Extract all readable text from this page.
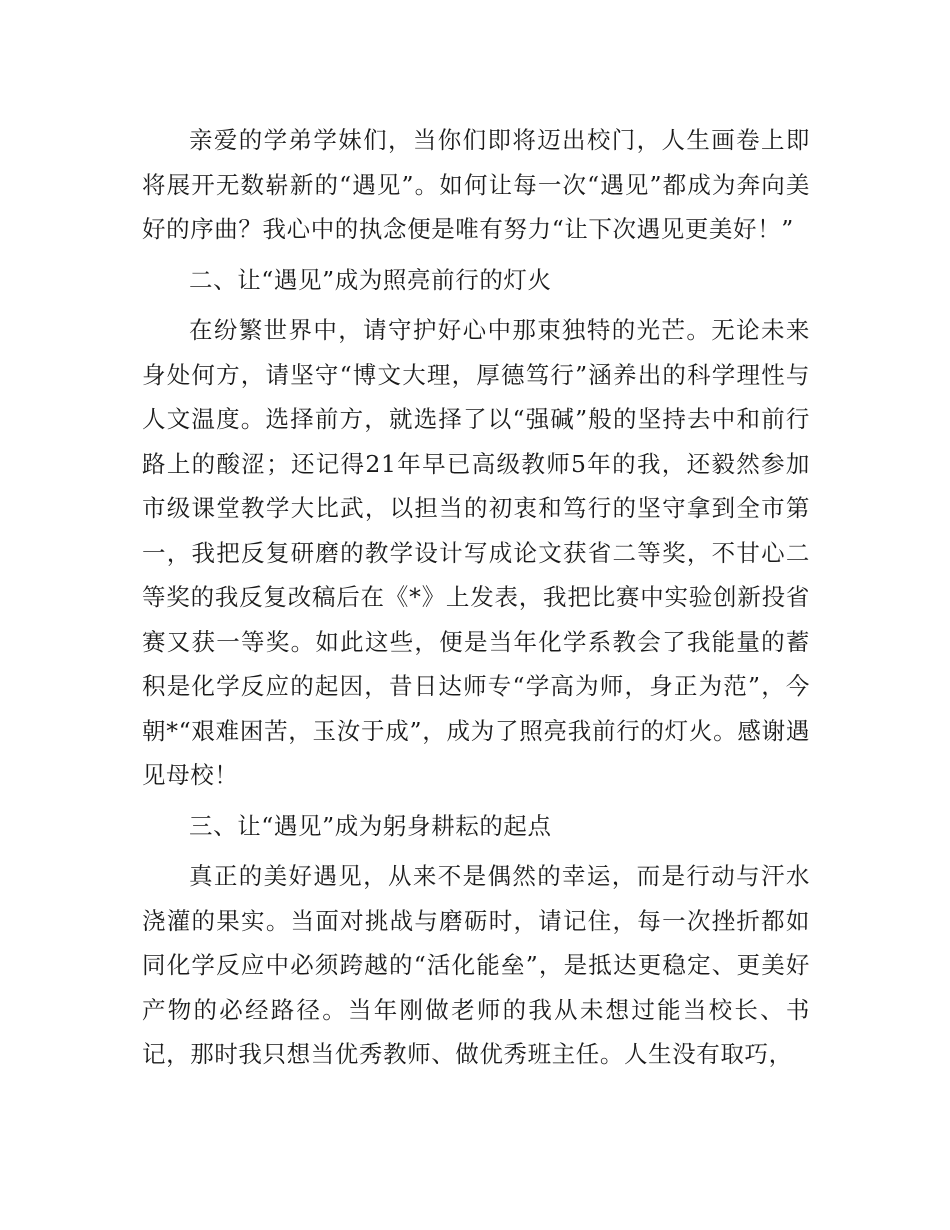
亲爱的学弟学妹们，当你们即将迈出校门，人生画卷上即将展开无数崭新的“遇见”。如何让每一次“遇见”都成为奔向美好的序曲？我心中的执念便是唯有努力“让下次遇见更美好！”

二、让“遇见”成为照亮前行的灯火

在纷繁世界中，请守护好心中那束独特的光芒。无论未来身处何方，请坚守“博文大理，厚德笃行”涵养出的科学理性与人文温度。选择前方，就选择了以“强碱”般的坚持去中和前行路上的酸涩；还记得21年早已高级教师5年的我，还毅然参加市级课堂教学大比武，以担当的初衷和笃行的坚守拿到全市第一，我把反复研磨的教学设计写成论文获省二等奖，不甘心二等奖的我反复改稿后在《*》上发表，我把比赛中实验创新投省赛又获一等奖。如此这些，便是当年化学系教会了我能量的蓄积是化学反应的起因，昔日达师专“学高为师，身正为范”，今朝*“艰难困苦，玉汝于成”，成为了照亮我前行的灯火。感谢遇见母校！

三、让“遇见”成为躬身耕耘的起点

真正的美好遇见，从来不是偶然的幸运，而是行动与汗水浇灌的果实。当面对挑战与磨砺时，请记住，每一次挫折都如同化学反应中必须跨越的“活化能垒”，是抵达更稳定、更美好产物的必经路径。当年刚做老师的我从未想过能当校长、书记，那时我只想当优秀教师、做优秀班主任。人生没有取巧，
